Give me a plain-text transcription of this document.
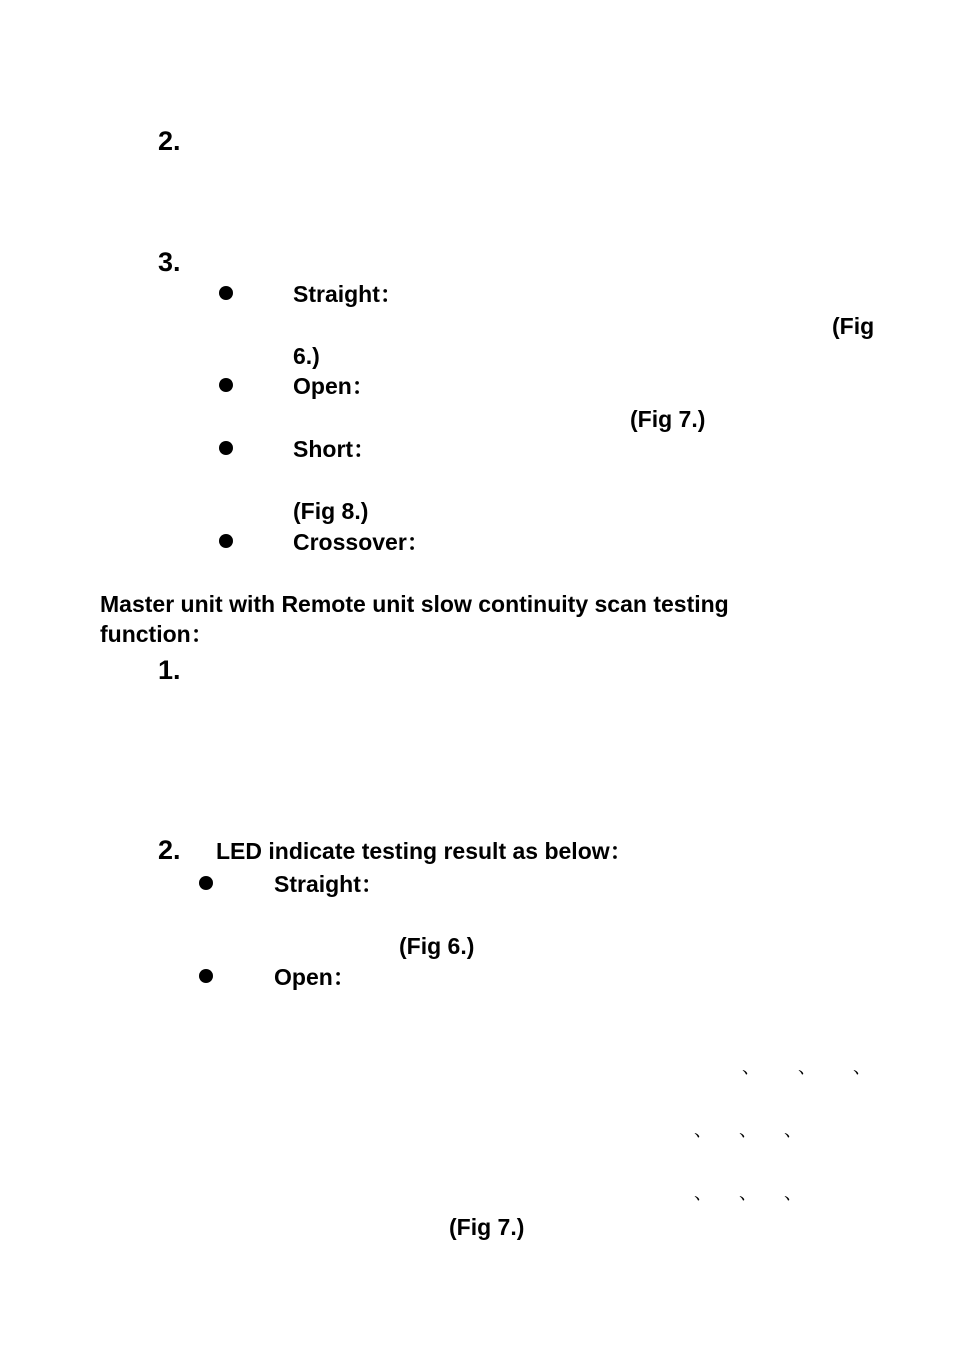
2.
3.
Straight：
(Fig
6.)
Open：
(Fig 7.)
Short：
(Fig 8.)
Crossover：
Master unit with Remote unit slow continuity scan testing
function：
1.
2. LED indicate testing result as below：
Straight：
(Fig 6.)
Open：
、 、 、
、 、 、
、 、 、
(Fig 7.)
